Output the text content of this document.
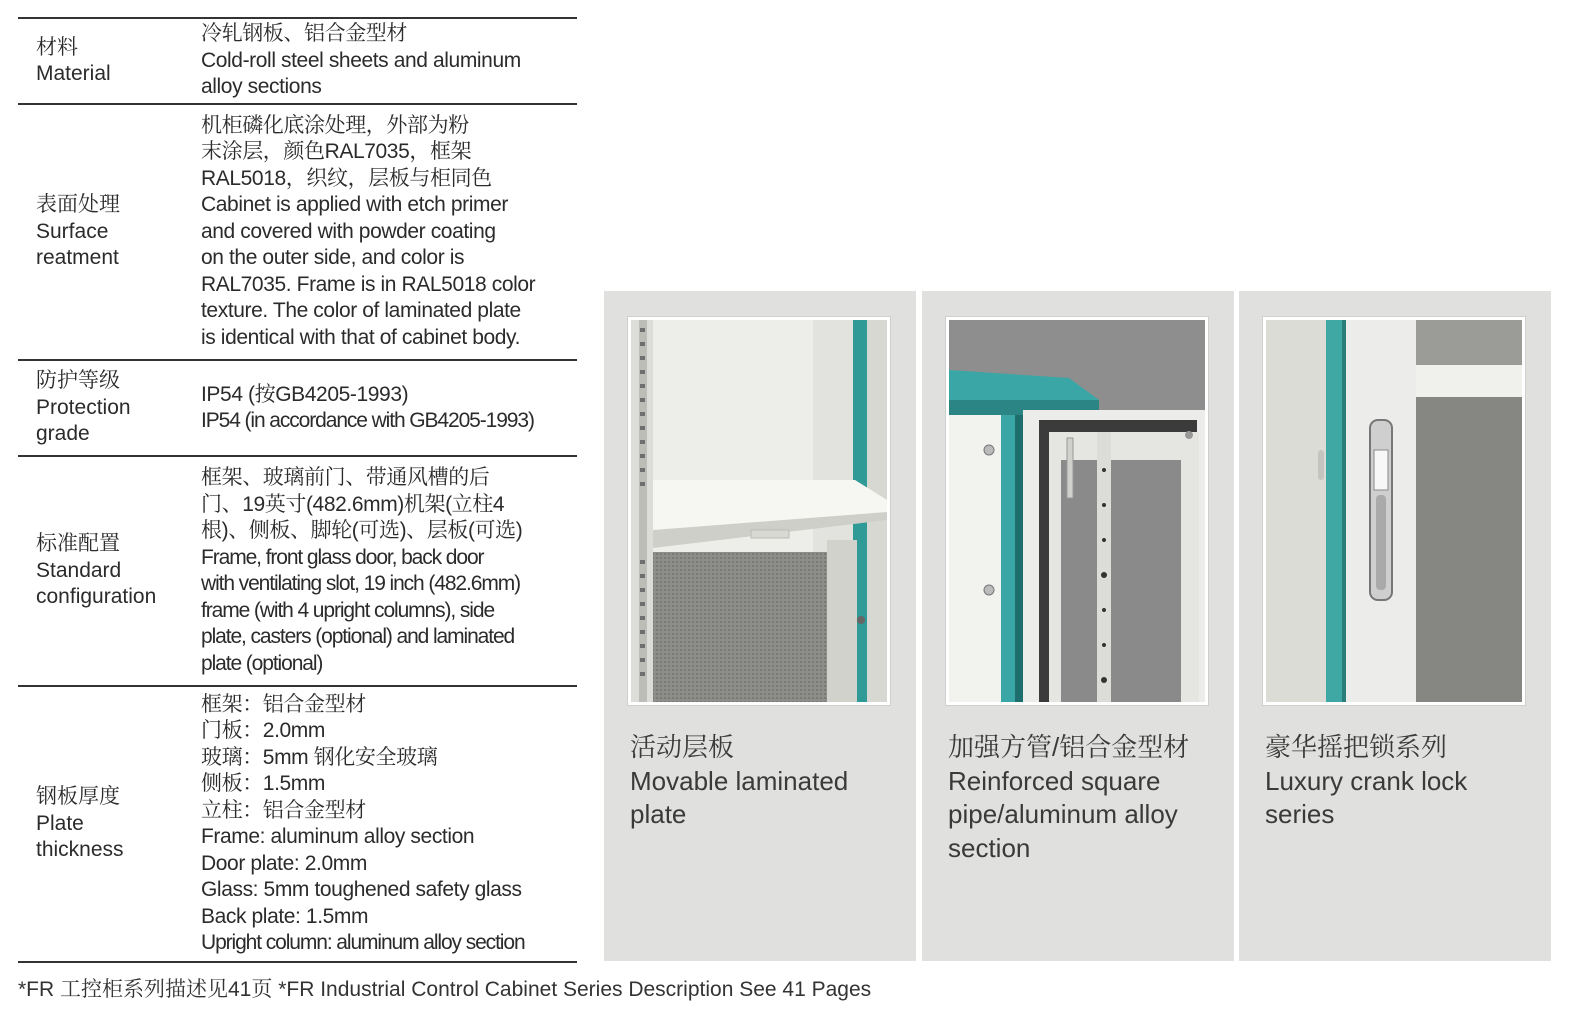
材料
Material
冷轧钢板、铝合金型材
Cold-roll steel sheets and aluminum
alloy sections
表面处理
Surface
reatment
机柜磷化底涂处理，外部为粉
末涂层，颜色RAL7035，框架
RAL5018，织纹，层板与柜同色
Cabinet is applied with etch primer
and covered with powder coating
on the outer side, and color is
RAL7035. Frame is in RAL5018 color
texture. The color of laminated plate
is identical with that of cabinet body.
防护等级
Protection
grade
IP54 (按GB4205-1993)
IP54 (in accordance with GB4205-1993)
标准配置
Standard
configuration
框架、玻璃前门、带通风槽的后
门、19英寸(482.6mm)机架(立柱4
根)、侧板、脚轮(可选)、层板(可选)
Frame, front glass door, back door
with ventilating slot, 19 inch (482.6mm)
frame (with 4 upright columns), side
plate, casters (optional) and laminated
plate (optional)
钢板厚度
Plate
thickness
框架：铝合金型材
门板：2.0mm
玻璃：5mm 钢化安全玻璃
侧板：1.5mm
立柱：铝合金型材
Frame: aluminum alloy section
Door plate: 2.0mm
Glass: 5mm toughened safety glass
Back plate: 1.5mm
Upright column: aluminum alloy section
活动层板
Movable laminated
plate
加强方管/铝合金型材
Reinforced square
pipe/aluminum alloy
section
豪华摇把锁系列
Luxury crank lock
series
*FR 工控柜系列描述见41页 *FR Industrial Control Cabinet Series Description See 41 Pages
